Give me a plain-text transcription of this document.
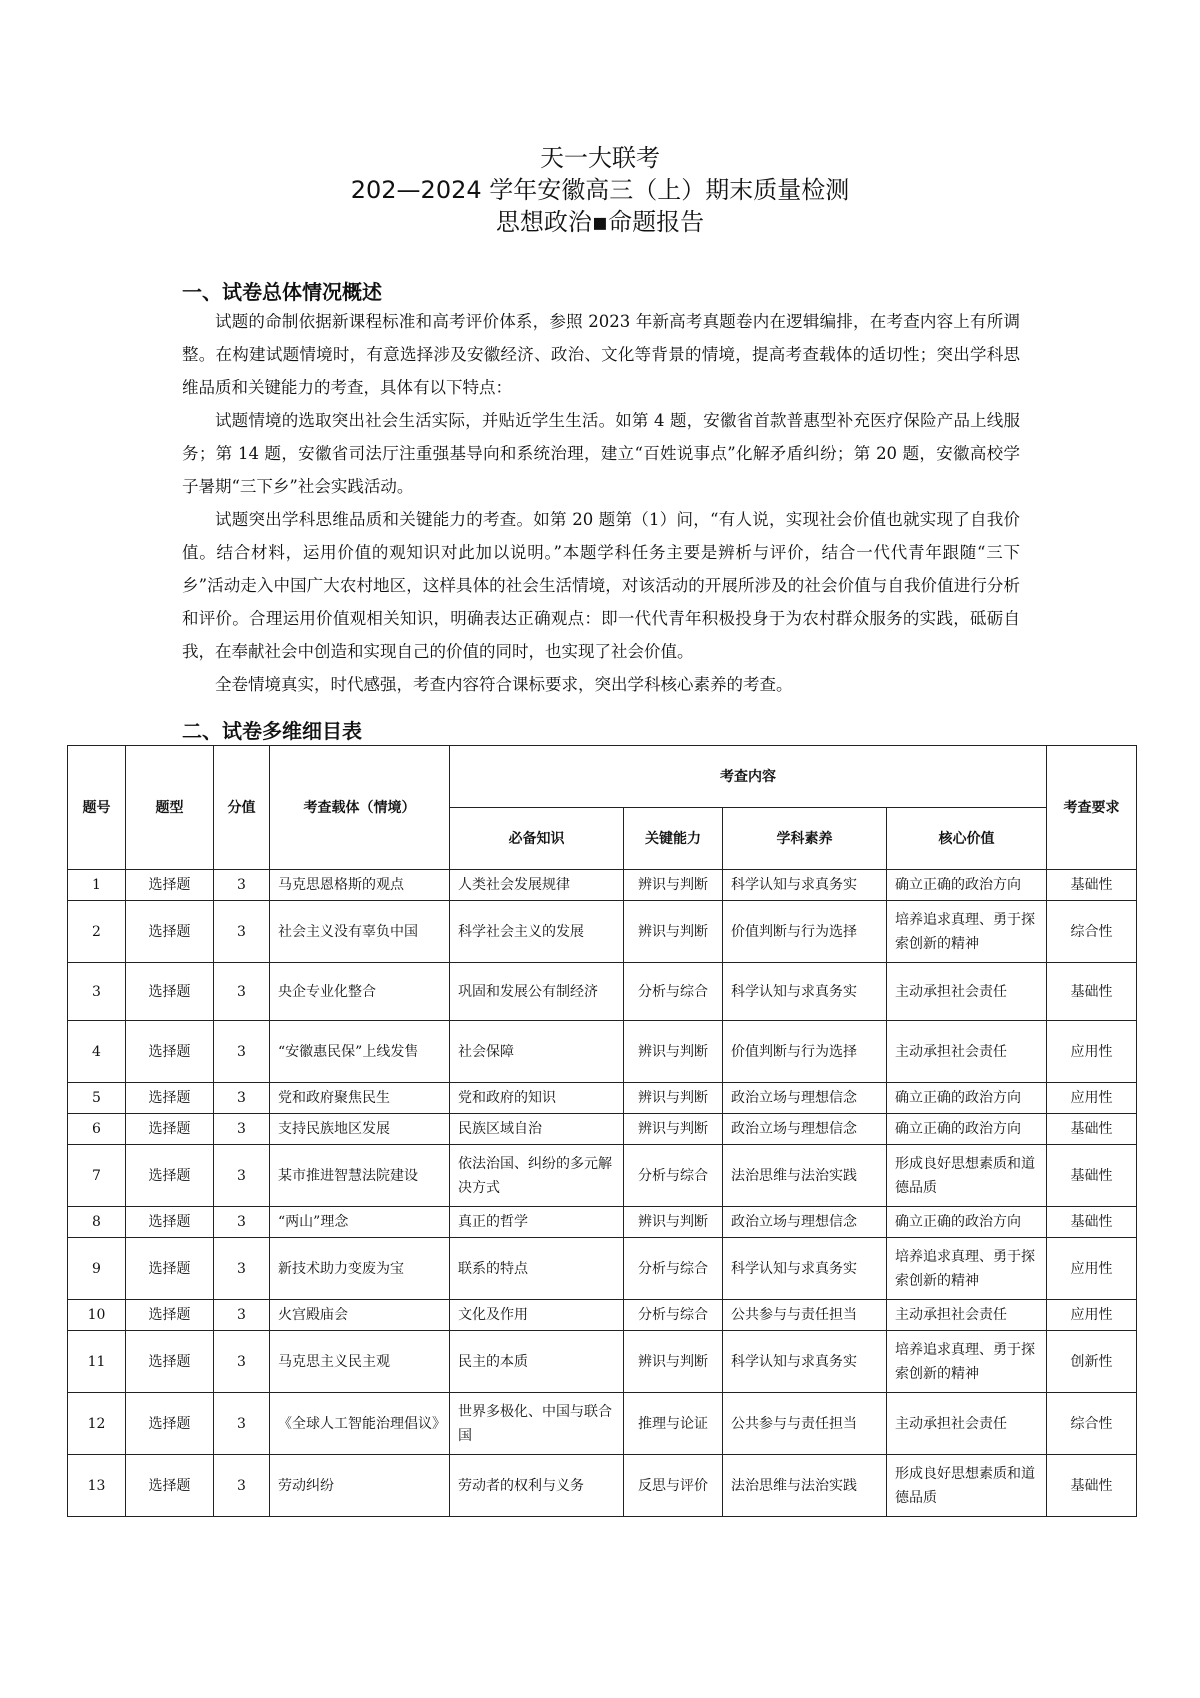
天一大联考
202—2024 学年安徽高三（上）期末质量检测
思想政治▪命题报告
一、试卷总体情况概述

试题的命制依据新课程标准和高考评价体系，参照 2023 年新高考真题卷内在逻辑编排，在考查内容上有所调整。在构建试题情境时，有意选择涉及安徽经济、政治、文化等背景的情境，提高考查载体的适切性；突出学科思维品质和关键能力的考查，具体有以下特点：

试题情境的选取突出社会生活实际，并贴近学生生活。如第 4 题，安徽省首款普惠型补充医疗保险产品上线服务；第 14 题，安徽省司法厅注重强基导向和系统治理，建立“百姓说事点”化解矛盾纠纷；第 20 题，安徽高校学子暑期“三下乡”社会实践活动。

试题突出学科思维品质和关键能力的考查。如第 20 题第（1）问，“有人说，实现社会价值也就实现了自我价值。结合材料，运用价值的观知识对此加以说明。”本题学科任务主要是辨析与评价，结合一代代青年跟随“三下乡”活动走入中国广大农村地区，这样具体的社会生活情境，对该活动的开展所涉及的社会价值与自我价值进行分析和评价。合理运用价值观相关知识，明确表达正确观点：即一代代青年积极投身于为农村群众服务的实践，砥砺自我，在奉献社会中创造和实现自己的价值的同时，也实现了社会价值。

全卷情境真实，时代感强，考查内容符合课标要求，突出学科核心素养的考查。

二、试卷多维细目表
题号	题型	分值	考查载体（情境）	考查内容				考查要求
				必备知识	关键能力	学科素养	核心价值	
1	选择题	3	马克思恩格斯的观点	人类社会发展规律	辨识与判断	科学认知与求真务实	确立正确的政治方向	基础性
2	选择题	3	社会主义没有辜负中国	科学社会主义的发展	辨识与判断	价值判断与行为选择	培养追求真理、勇于探索创新的精神	综合性
3	选择题	3	央企专业化整合	巩固和发展公有制经济	分析与综合	科学认知与求真务实	主动承担社会责任	基础性
4	选择题	3	“安徽惠民保”上线发售	社会保障	辨识与判断	价值判断与行为选择	主动承担社会责任	应用性
5	选择题	3	党和政府聚焦民生	党和政府的知识	辨识与判断	政治立场与理想信念	确立正确的政治方向	应用性
6	选择题	3	支持民族地区发展	民族区域自治	辨识与判断	政治立场与理想信念	确立正确的政治方向	基础性
7	选择题	3	某市推进智慧法院建设	依法治国、纠纷的多元解决方式	分析与综合	法治思维与法治实践	形成良好思想素质和道德品质	基础性
8	选择题	3	“两山”理念	真正的哲学	辨识与判断	政治立场与理想信念	确立正确的政治方向	基础性
9	选择题	3	新技术助力变废为宝	联系的特点	分析与综合	科学认知与求真务实	培养追求真理、勇于探索创新的精神	应用性
10	选择题	3	火宫殿庙会	文化及作用	分析与综合	公共参与与责任担当	主动承担社会责任	应用性
11	选择题	3	马克思主义民主观	民主的本质	辨识与判断	科学认知与求真务实	培养追求真理、勇于探索创新的精神	创新性
12	选择题	3	《全球人工智能治理倡议》	世界多极化、中国与联合国	推理与论证	公共参与与责任担当	主动承担社会责任	综合性
13	选择题	3	劳动纠纷	劳动者的权利与义务	反思与评价	法治思维与法治实践	形成良好思想素质和道德品质	基础性
